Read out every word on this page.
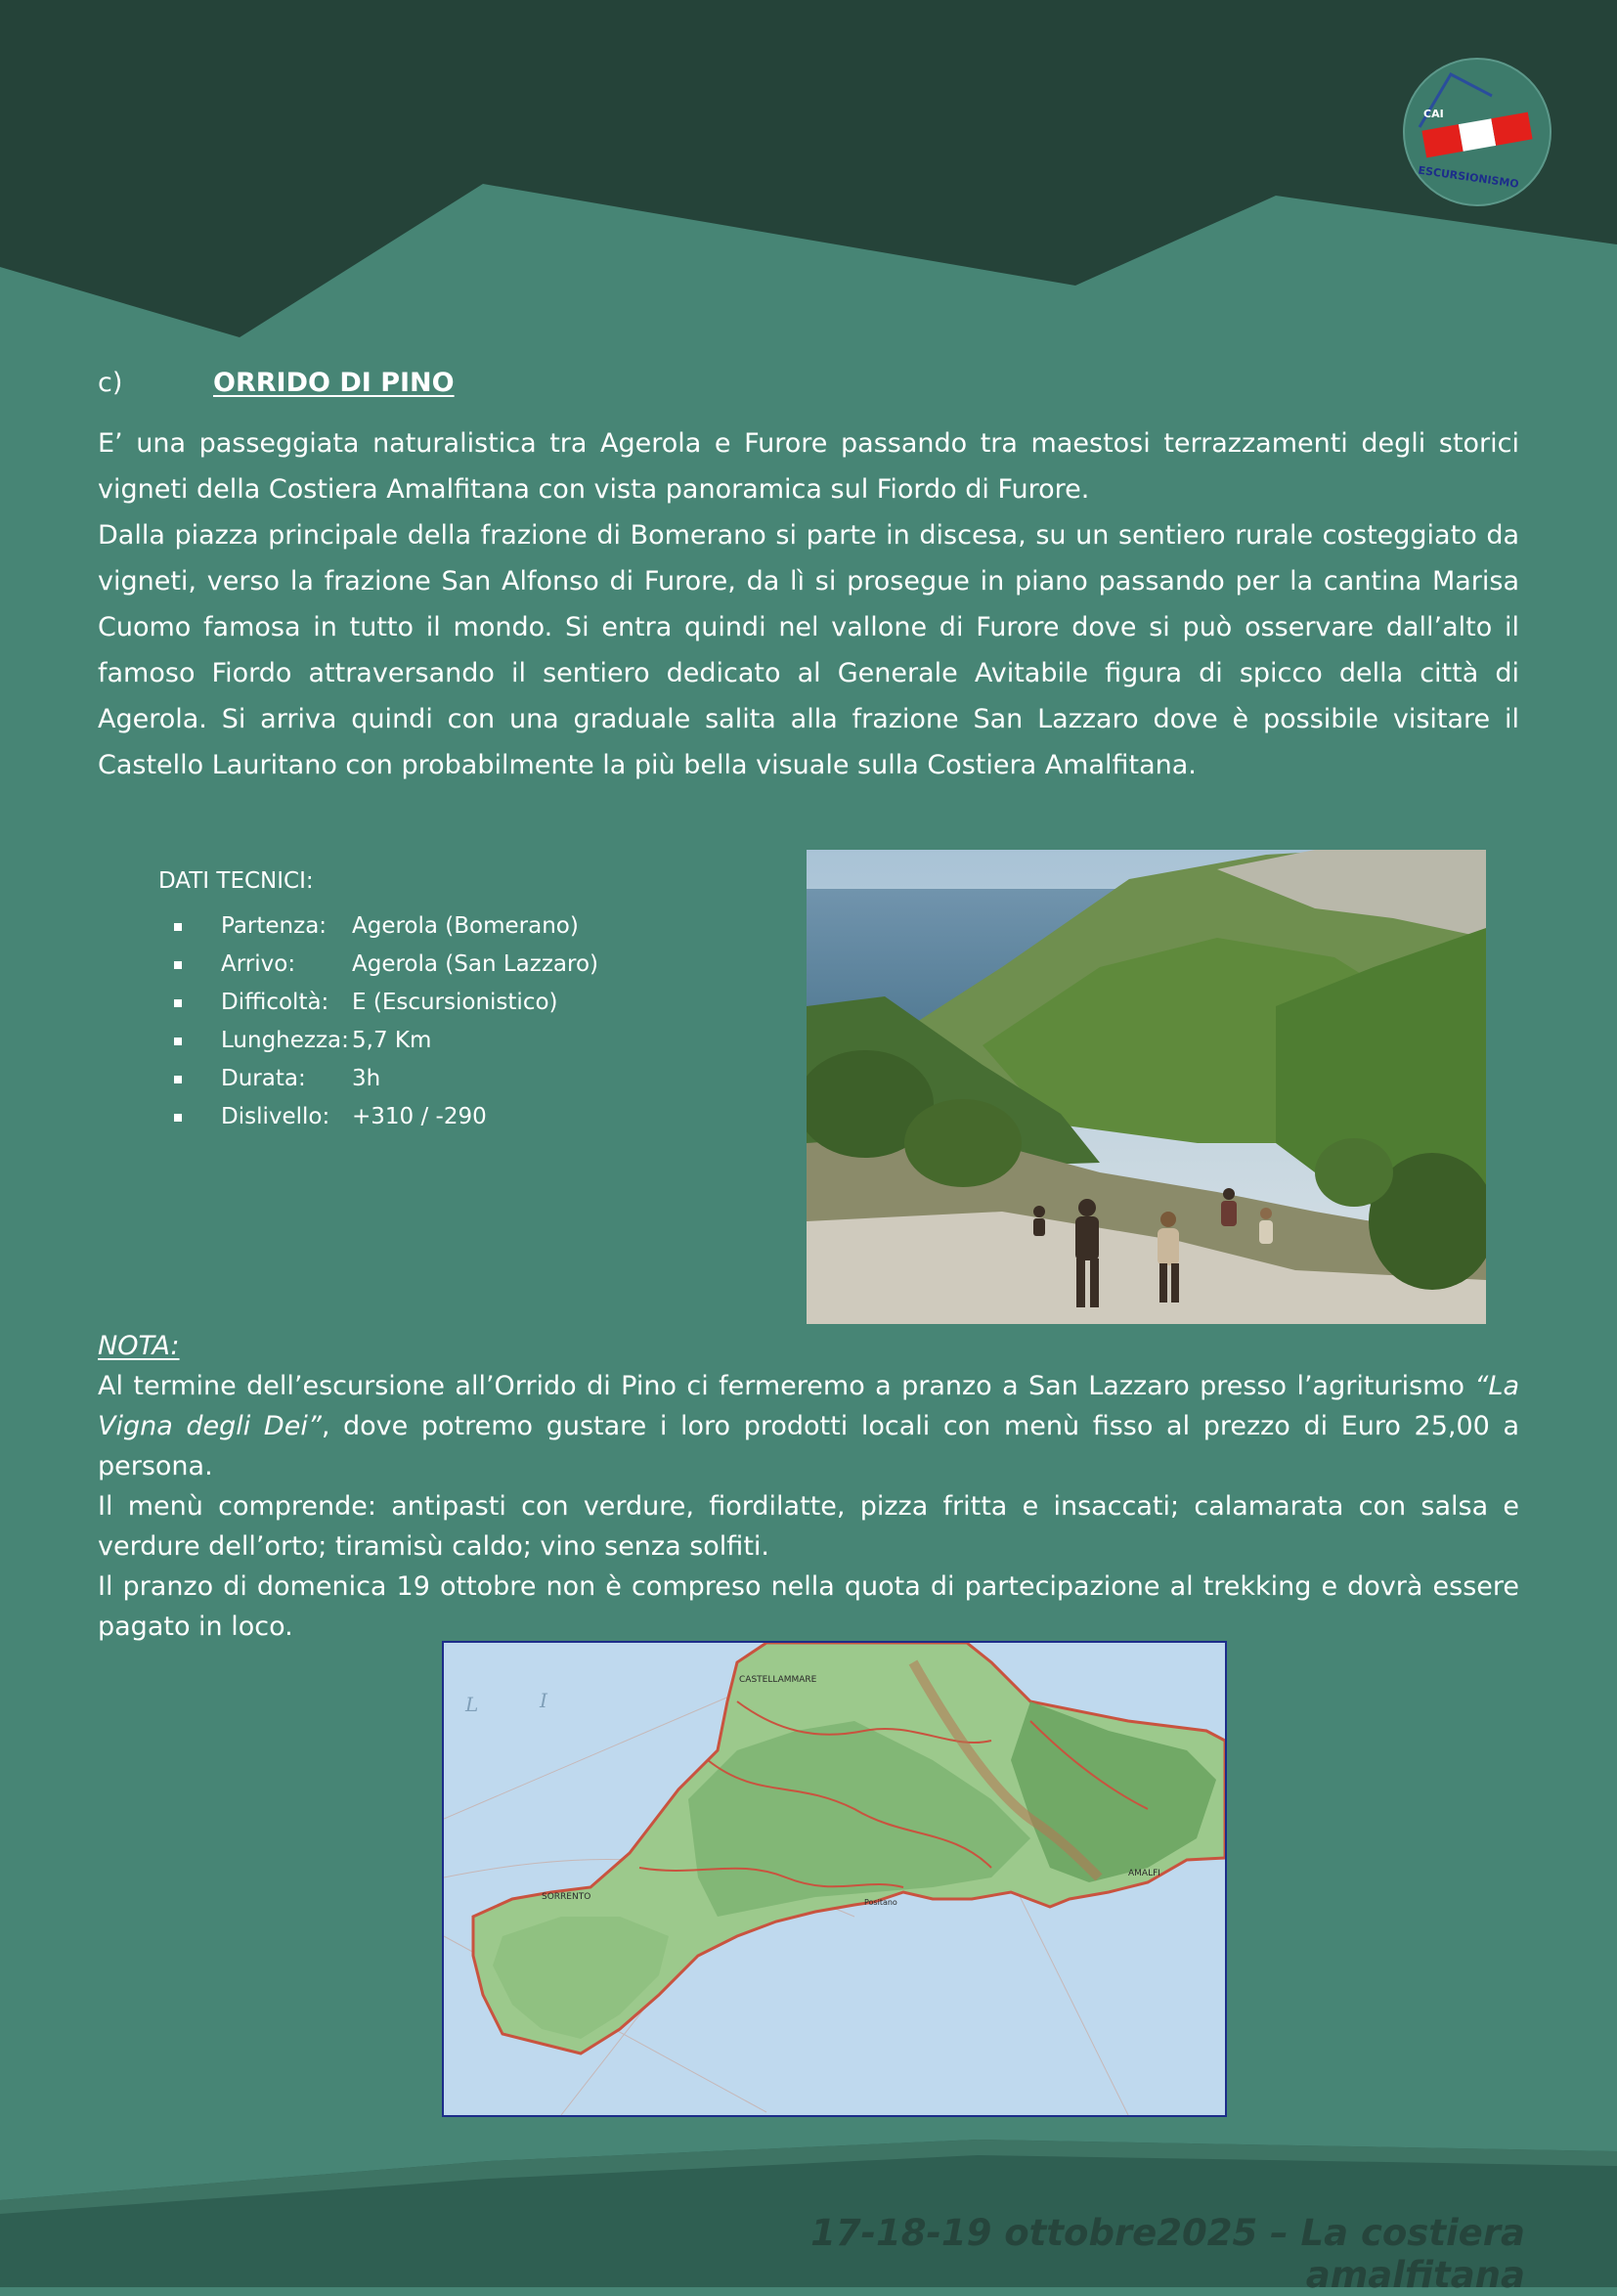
CAI
ESCURSIONISMO
c)	ORRIDO DI PINO

E’ una passeggiata naturalistica tra Agerola e Furore passando tra maestosi terrazzamenti degli storici vigneti della Costiera Amalfitana con vista panoramica sul Fiordo di Furore.

Dalla piazza principale della frazione di Bomerano si parte in discesa, su un sentiero rurale costeggiato da vigneti, verso la frazione San Alfonso di Furore, da lì si prosegue in piano passando per la cantina Marisa Cuomo famosa in tutto il mondo. Si entra quindi nel vallone di Furore dove si può osservare dall’alto il famoso Fiordo attraversando il sentiero dedicato al Generale Avitabile figura di spicco della città di Agerola. Si arriva quindi con una graduale salita alla frazione San Lazzaro dove è possibile visitare il Castello Lauritano con probabilmente la più bella visuale sulla Costiera Amalfitana.

DATI TECNICI:
Partenza: Agerola (Bomerano)
Arrivo:	Agerola (San Lazzaro)
Difficoltà: E (Escursionistico)
Lunghezza: 5,7 Km
Durata: 3h
Dislivello: +310 / -290

NOTA:

Al termine dell’escursione all’Orrido di Pino ci fermeremo a pranzo a San Lazzaro presso l’agriturismo “La Vigna degli Dei”, dove potremo gustare i loro prodotti locali con menù fisso al prezzo di Euro 25,00 a persona.

Il menù comprende: antipasti con verdure, fiordilatte, pizza fritta e insaccati; calamarata con salsa e verdure dell’orto; tiramisù caldo; vino senza solfiti.

Il pranzo di domenica 19 ottobre non è compreso nella quota di partecipazione al trekking e dovrà essere pagato in loco.

L	I
CASTELLAMMARE
SORRENTO
AMALFI
Positano
17-18-19 ottobre2025 – La costiera amalfitana
